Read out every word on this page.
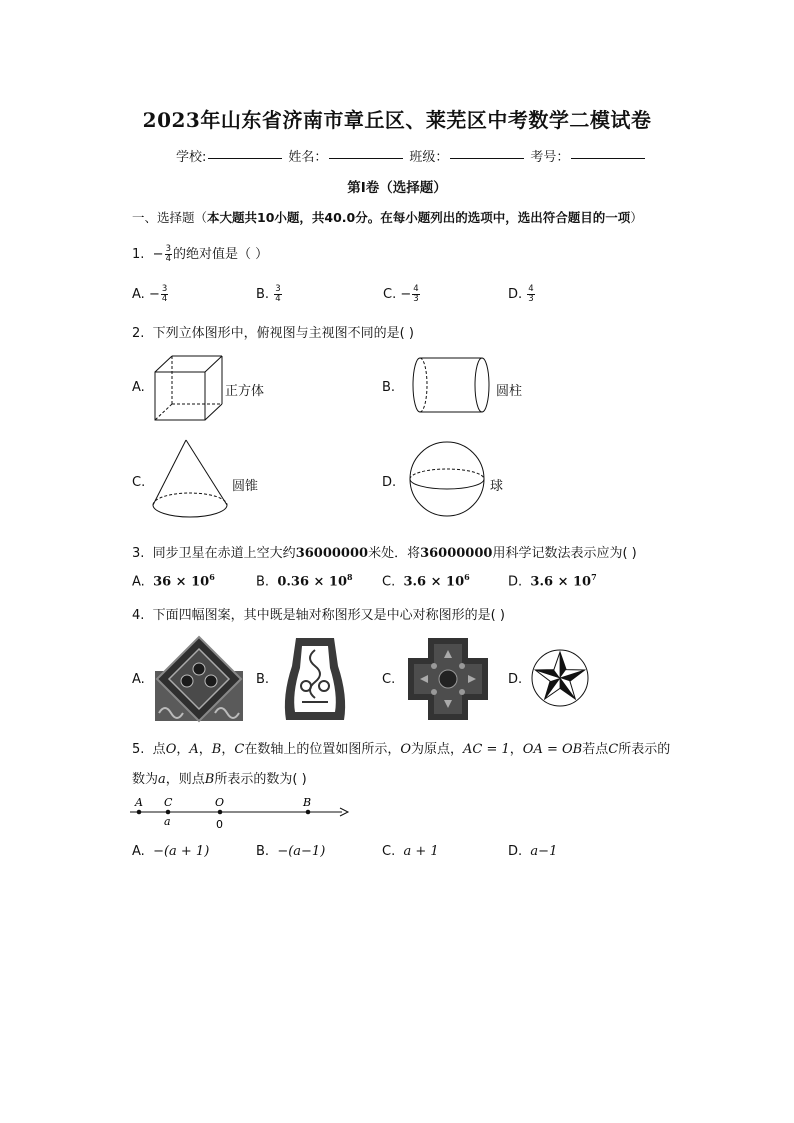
2023年山东省济南市章丘区、莱芜区中考数学二模试卷
学校:	姓名：	班级：	考号：
第I卷（选择题）
一、选择题（本大题共10小题，共40.0分。在每小题列出的选项中，选出符合题目的一项）
1. − $\frac{3}{4}$ 的绝对值是（ ）
A. − $\frac{3}{4}$	B. $\frac{3}{4}$	C. − $\frac{4}{3}$	D. $\frac{4}{3}$
2. 下列立体图形中，俯视图与主视图不同的是( )
A.	正方体	B.	圆柱
C.	圆锥	D.	球
3. 同步卫星在赤道上空大约36000000米处．将36000000用科学记数法表示应为( )
A. $36 \times 10^6$	B. $0.36 \times 10^8$ C. $3.6 \times 10^6$	D. $3.6 \times 10^7$
4. 下面四幅图案，其中既是轴对称图形又是中心对称图形的是( )
A.	B.	C.	D.
5. 点O，A，B，C在数轴上的位置如图所示，O为原点，AC = 1，OA = OB若点C所表示的
数为a，则点B所表示的数为( )
A C	O	B
a	0
A. −(a + 1)	B. −(a−1)	C. a + 1	D. a−1
